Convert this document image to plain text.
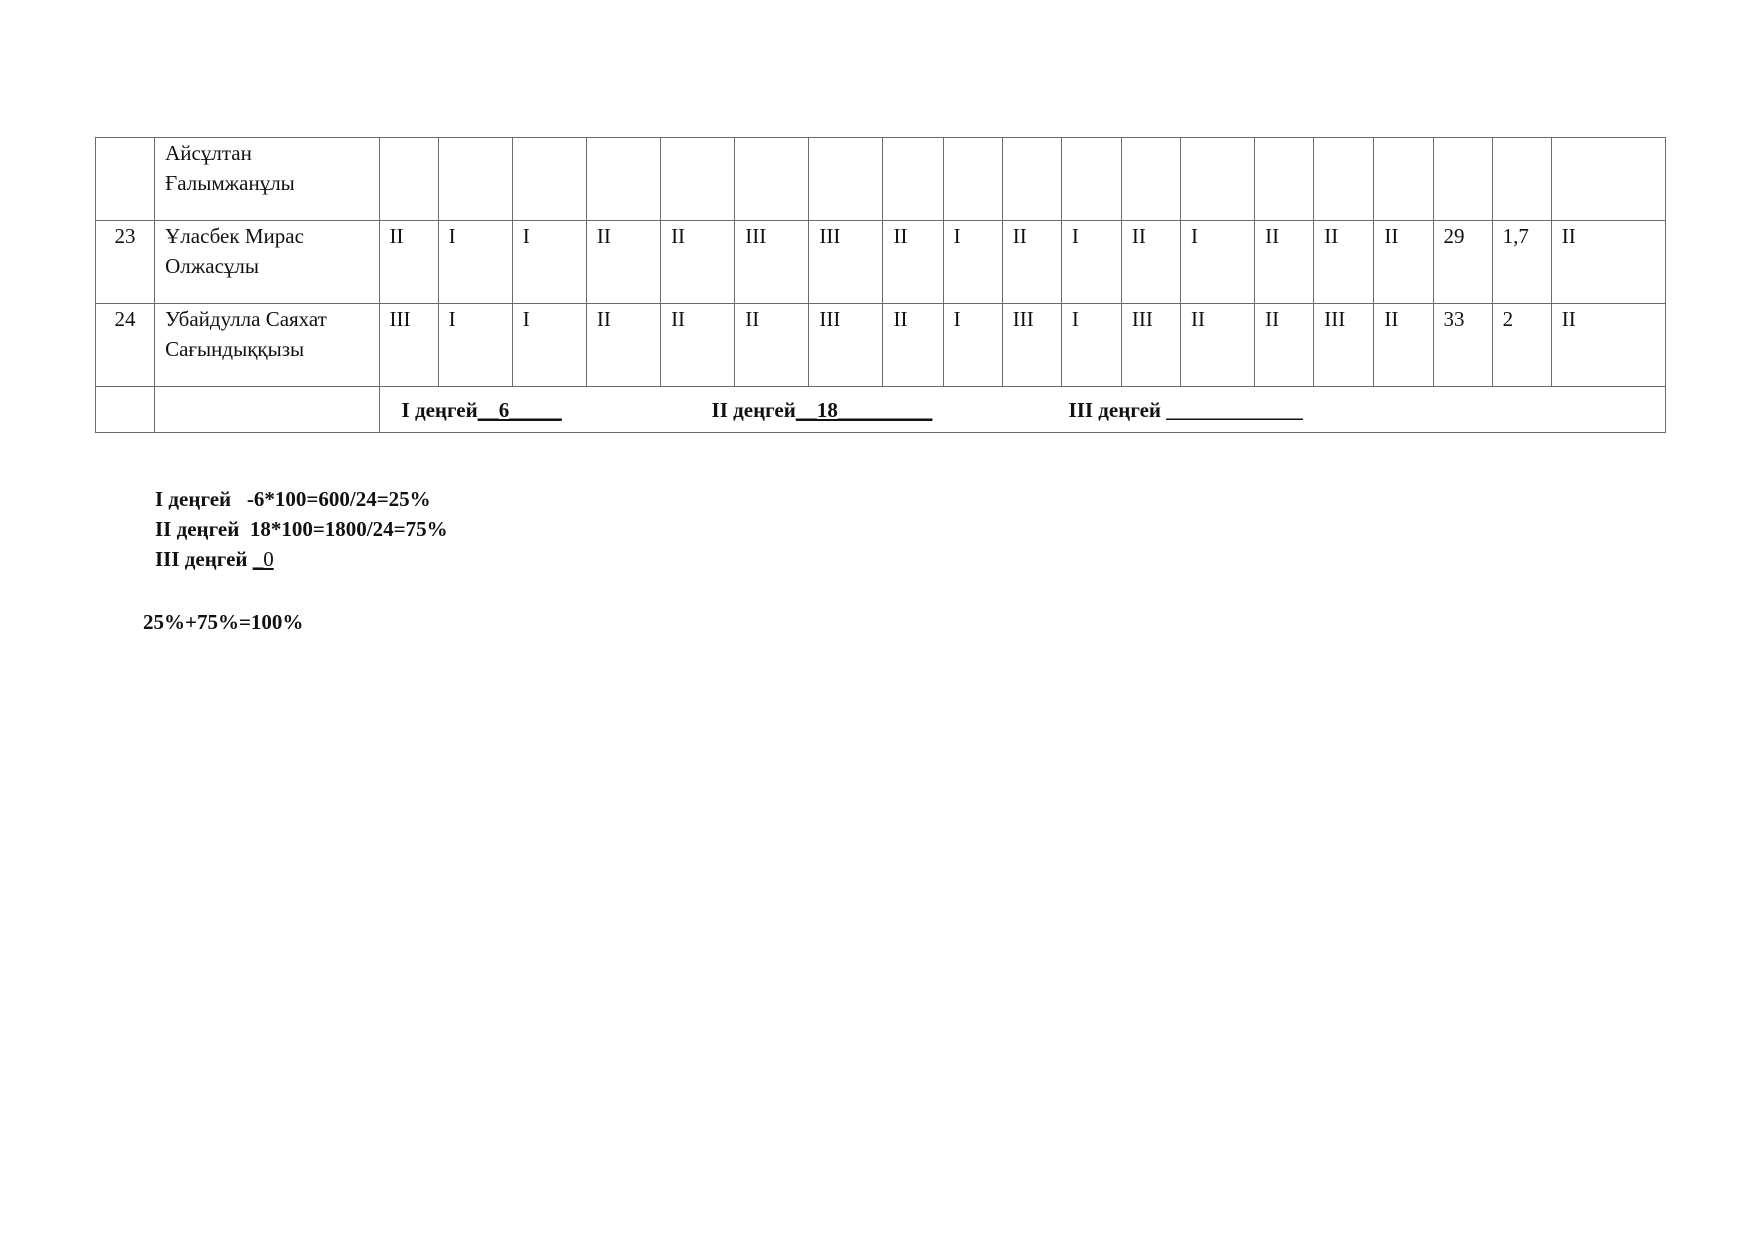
	Айсұлтан Ғалымжанұлы																			
23	Ұласбек Мирас Олжасұлы	II	I	I	II	II	III	III	II	I	II	I	II	I	II	II	II	29	1,7	II
24	Убайдулла Саяхат Сағындыққызы	III	I	I	II	II	II	III	II	I	III	I	III	II	II	III	II	33	2	II

		I деңгей__6_____ II деңгей__18_________ III деңгей _____________																		
I деңгей   -6*100=600/24=25%
II деңгей  18*100=1800/24=75%
III деңгей _0
25%+75%=100%
